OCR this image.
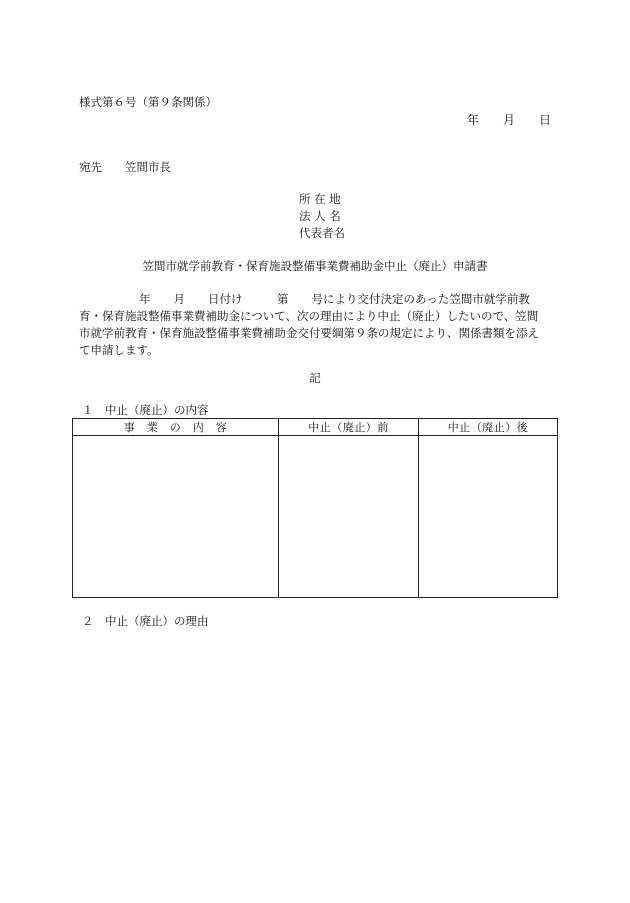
様式第６号（第９条関係）
年　　月　　日
宛先　　笠間市長
所 在 地
法 人 名
代表者名
笠間市就学前教育・保育施設整備事業費補助金中止（廃止）申請書
年　　月　　日付け　　　第　　号により交付決定のあった笠間市就学前教
育・保育施設整備事業費補助金について、次の理由により中止（廃止）したいので、笠間
市就学前教育・保育施設整備事業費補助金交付要綱第９条の規定により、関係書類を添え
て申請します。
記
１　中止（廃止）の内容
事　業　の　内　容	中止（廃止）前	中止（廃止）後

２　中止（廃止）の理由
